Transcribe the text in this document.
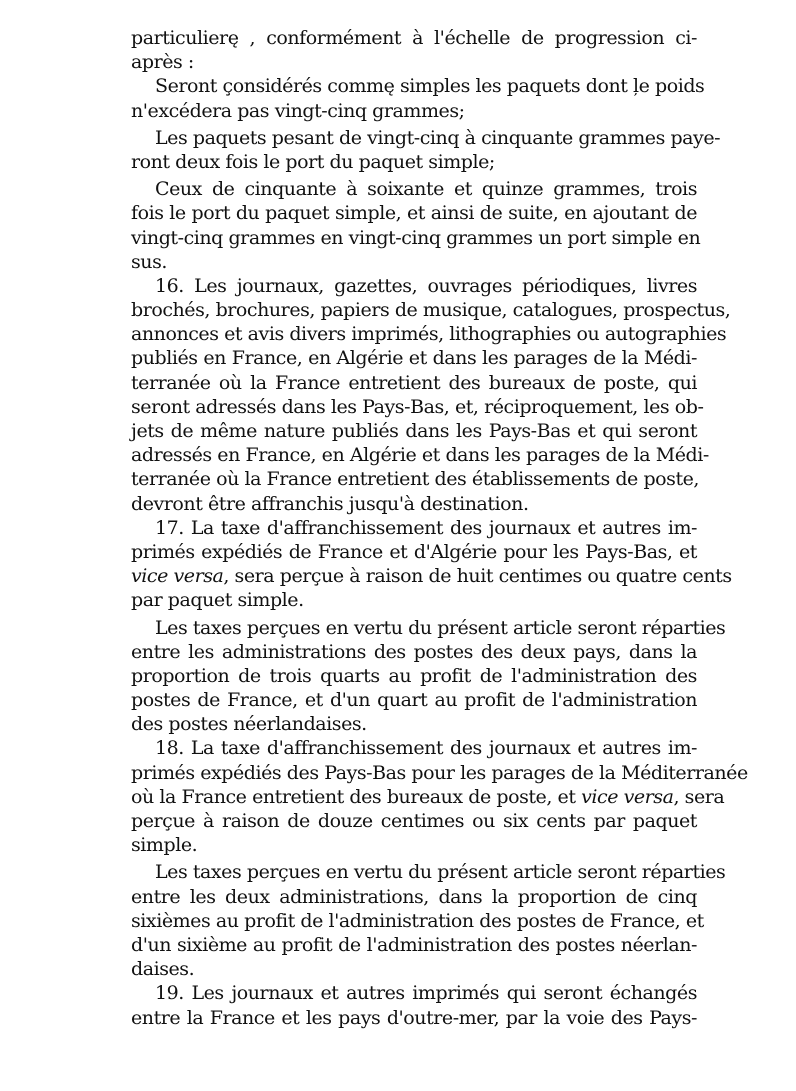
particulierę , conformément à l'échelle de progression ci-
après :
Seront çonsidérés commę simples les paquets dont ļe poids
n'excédera pas vingt-cinq grammes;
Les paquets pesant de vingt-cinq à cinquante grammes paye-
ront deux fois le port du paquet simple;
Ceux de cinquante à soixante et quinze grammes, trois
fois le port du paquet simple, et ainsi de suite, en ajoutant de
vingt-cinq grammes en vingt-cinq grammes un port simple en
sus.
16. Les journaux, gazettes, ouvrages périodiques, livres
brochés, brochures, papiers de musique, catalogues, prospectus,
annonces et avis divers imprimés, lithographies ou autographies
publiés en France, en Algérie et dans les parages de la Médi-
terranée où la France entretient des bureaux de poste, qui
seront adressés dans les Pays-Bas, et, réciproquement, les ob-
jets de même nature publiés dans les Pays-Bas et qui seront
adressés en France, en Algérie et dans les parages de la Médi-
terranée où la France entretient des établissements de poste,
devront être affranchis jusqu'à destination.
17. La taxe d'affranchissement des journaux et autres im-
primés expédiés de France et d'Algérie pour les Pays-Bas, et
vice versa, sera perçue à raison de huit centimes ou quatre cents
par paquet simple.
Les taxes perçues en vertu du présent article seront réparties
entre les administrations des postes des deux pays, dans la
proportion de trois quarts au profit de l'administration des
postes de France, et d'un quart au profit de l'administration
des postes néerlandaises.
18. La taxe d'affranchissement des journaux et autres im-
primés expédiés des Pays-Bas pour les parages de la Méditerranée
où la France entretient des bureaux de poste, et vice versa, sera
perçue à raison de douze centimes ou six cents par paquet
simple.
Les taxes perçues en vertu du présent article seront réparties
entre les deux administrations, dans la proportion de cinq
sixièmes au profit de l'administration des postes de France, et
d'un sixième au profit de l'administration des postes néerlan-
daises.
19. Les journaux et autres imprimés qui seront échangés
entre la France et les pays d'outre-mer, par la voie des Pays-
